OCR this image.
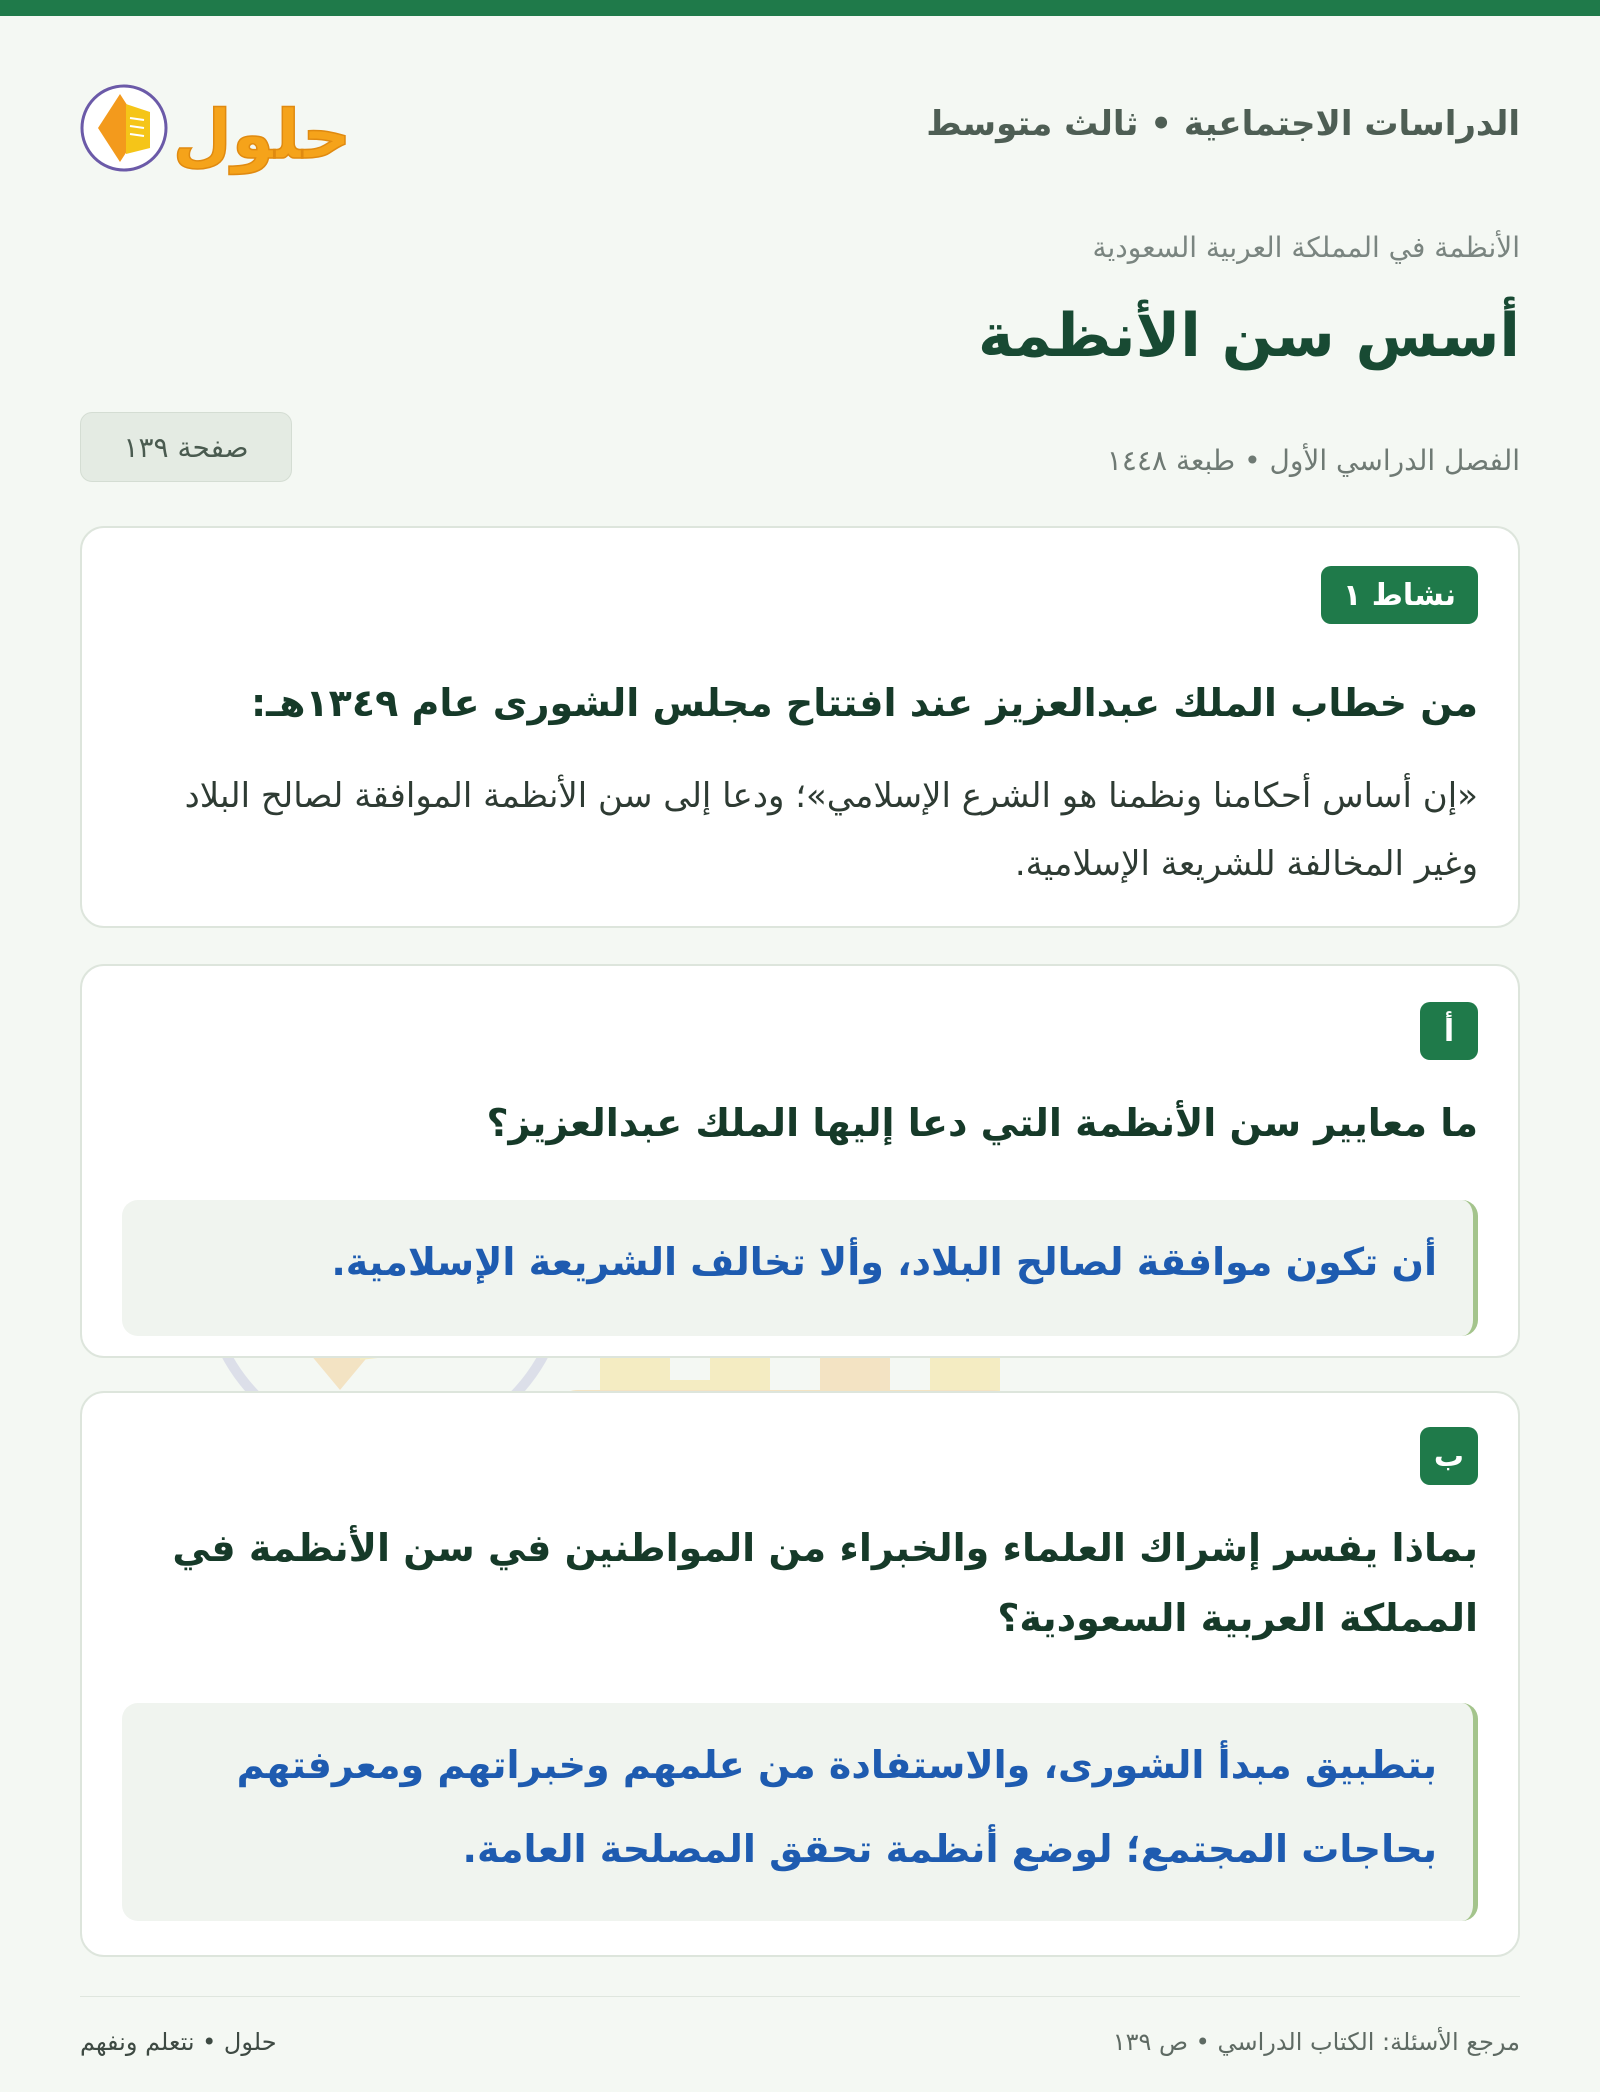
الدراسات الاجتماعية • ثالث متوسط
حلول
الأنظمة في المملكة العربية السعودية
أسس سن الأنظمة
الفصل الدراسي الأول • طبعة ١٤٤٨
صفحة ١٣٩
نشاط ١
من خطاب الملك عبدالعزيز عند افتتاح مجلس الشورى عام ١٣٤٩هـ:
«إن أساس أحكامنا ونظمنا هو الشرع الإسلامي»؛ ودعا إلى سن الأنظمة الموافقة لصالح البلاد وغير المخالفة للشريعة الإسلامية.
أ
ما معايير سن الأنظمة التي دعا إليها الملك عبدالعزيز؟
أن تكون موافقة لصالح البلاد، وألا تخالف الشريعة الإسلامية.
ب
بماذا يفسر إشراك العلماء والخبراء من المواطنين في سن الأنظمة في المملكة العربية السعودية؟
بتطبيق مبدأ الشورى، والاستفادة من علمهم وخبراتهم ومعرفتهم بحاجات المجتمع؛ لوضع أنظمة تحقق المصلحة العامة.
مرجع الأسئلة: الكتاب الدراسي • ص ١٣٩
حلول • نتعلم ونفهم
